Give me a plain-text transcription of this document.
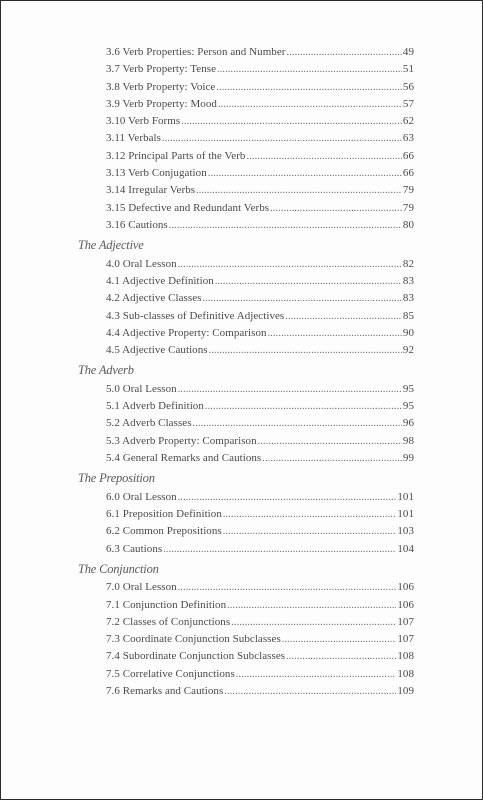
3.6 Verb Properties: Person and Number .....	49
3.7 Verb Property: Tense .....	51
3.8 Verb Property: Voice .....	56
3.9 Verb Property: Mood .....	57
3.10 Verb Forms .....	62
3.11 Verbals .....	63
3.12 Principal Parts of the Verb .....	66
3.13 Verb Conjugation .....	66
3.14 Irregular Verbs .....	79
3.15 Defective and Redundant Verbs .....	79
3.16 Cautions .....	80
The Adjective
4.0 Oral Lesson .....	82
4.1 Adjective Definition .....	83
4.2 Adjective Classes .....	83
4.3 Sub-classes of Definitive Adjectives .....	85
4.4 Adjective Property: Comparison .....	90
4.5 Adjective Cautions .....	92
The Adverb
5.0 Oral Lesson .....	95
5.1 Adverb Definition .....	95
5.2 Adverb Classes .....	96
5.3 Adverb Property: Comparison .....	98
5.4 General Remarks and Cautions .....	99
The Preposition
6.0 Oral Lesson .....	101
6.1 Preposition Definition .....	101
6.2 Common Prepositions .....	103
6.3 Cautions .....	104
The Conjunction
7.0 Oral Lesson .....	106
7.1 Conjunction Definition .....	106
7.2 Classes of Conjunctions .....	107
7.3 Coordinate Conjunction Subclasses .....	107
7.4 Subordinate Conjunction Subclasses .....	108
7.5 Correlative Conjunctions .....	108
7.6 Remarks and Cautions .....	109
